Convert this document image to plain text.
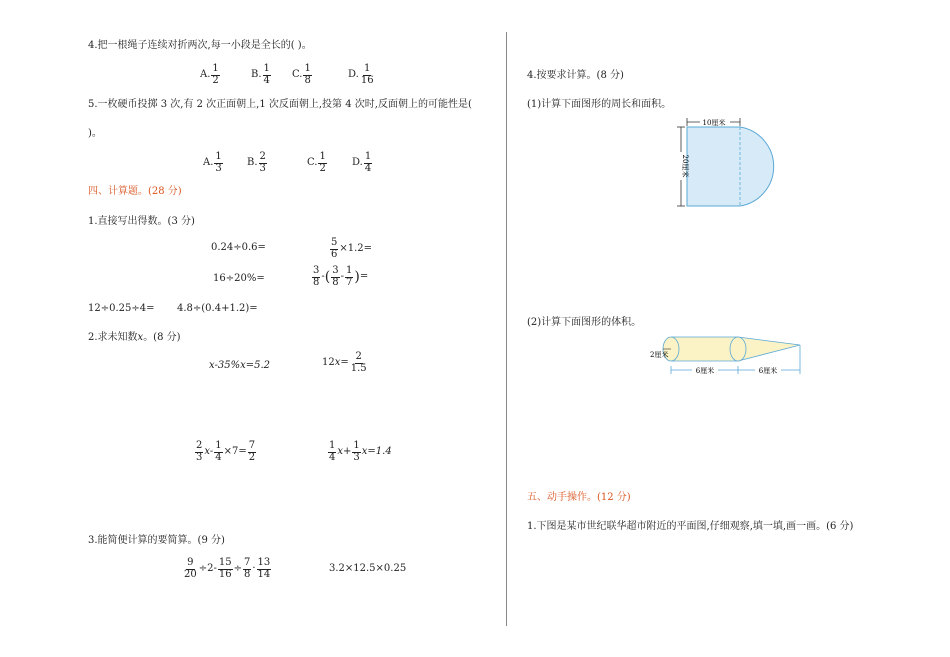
4.把一根绳子连续对折两次,每一小段是全长的( )。
A. $\frac{1}{2}$	B. $\frac{1}{4} C$. $\frac{1}{8}$	D. $\frac{1}{16}$
5.一枚硬币投掷 3 次,有 2 次正面朝上,1 次反面朝上,投第 4 次时,反面朝上的可能性是(
)。
A. $\frac{1}{3} B$. $\frac{2}{3}$	C. $\frac{1}{2}$	D. $\frac{1}{4}$
四、计算题。(28 分)
1.直接写出得数。(3 分)
0.24÷0.6=	$\frac{5}{6} \times 1.2=$
16÷20%=	$\frac{3}{8}$ - ( $\frac{3}{8} - \frac{1}{7}$ ) =
12÷0.25÷4= 4.8÷(0.4+1.2)=
2.求未知数 x 。(8 分)
x-35%x=5.2	12 $x = \frac{2}{1.5}$
$\frac{2}{3} x- \frac{1}{4} \times 7= \frac{7}{2}$	$\frac{1}{4} x+ \frac{1}{3} x=1.4$
3.能简便计算的要简算。(9 分)
$\frac{9}{20} \div 2- \frac{15}{16} \div \frac{7}{8} \cdot \frac{13}{14}$	3.2×12.5×0.25
4.按要求计算。(8 分)
(1)计算下面图形的周长和面积。
10厘米
20厘米
(2)计算下面图形的体积。
2厘米
6厘米	6厘米
五、动手操作。(12 分)
1.下图是某市世纪联华超市附近的平面图,仔细观察,填一填,画一画。(6 分)
